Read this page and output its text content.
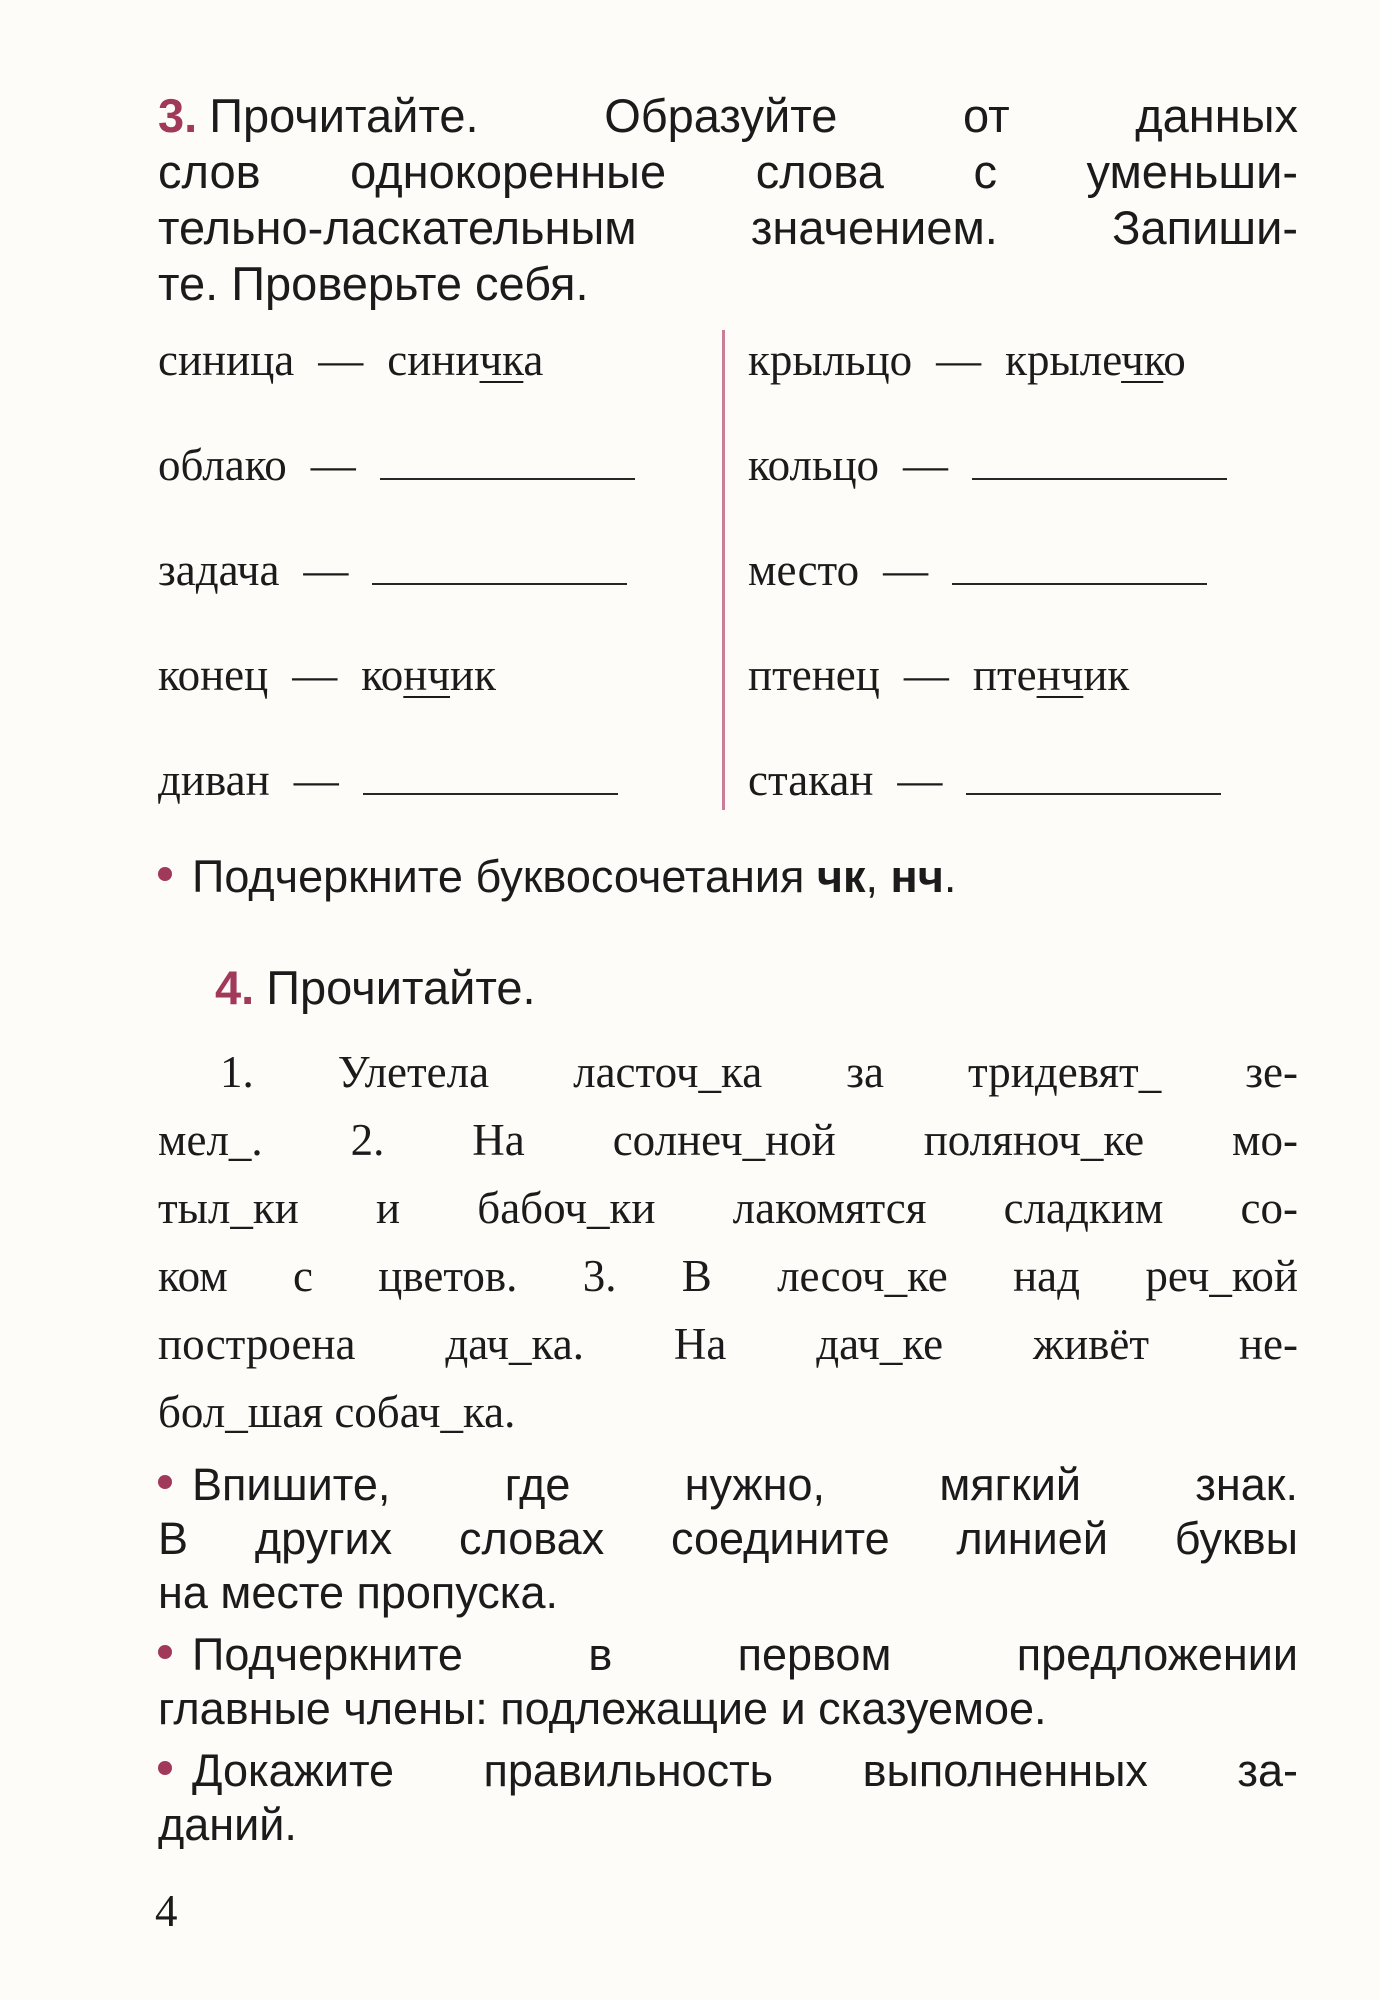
3. Прочитайте. Образуйте от данных
слов однокоренные слова с уменьши-
тельно-ласкательным значением. Запиши-
те. Проверьте себя.
синица — синичка
облако —
задача —
конец — кончик
диван —
крыльцо — крылечко
кольцо —
место —
птенец — птенчик
стакан —
Подчеркните буквосочетания чк, нч.
4. Прочитайте.
1. Улетела ласточ_ка за тридевят_ зе-
мел_. 2. На солнеч_ной поляноч_ке мо-
тыл_ки и бабоч_ки лакомятся сладким со-
ком с цветов. 3. В лесоч_ке над реч_кой
построена дач_ка. На дач_ке живёт не-
бол_шая собач_ка.
Впишите, где нужно, мягкий знак.
В других словах соедините линией буквы
на месте пропуска.
Подчеркните в первом предложении
главные члены: подлежащие и сказуемое.
Докажите правильность выполненных за-
даний.
4
